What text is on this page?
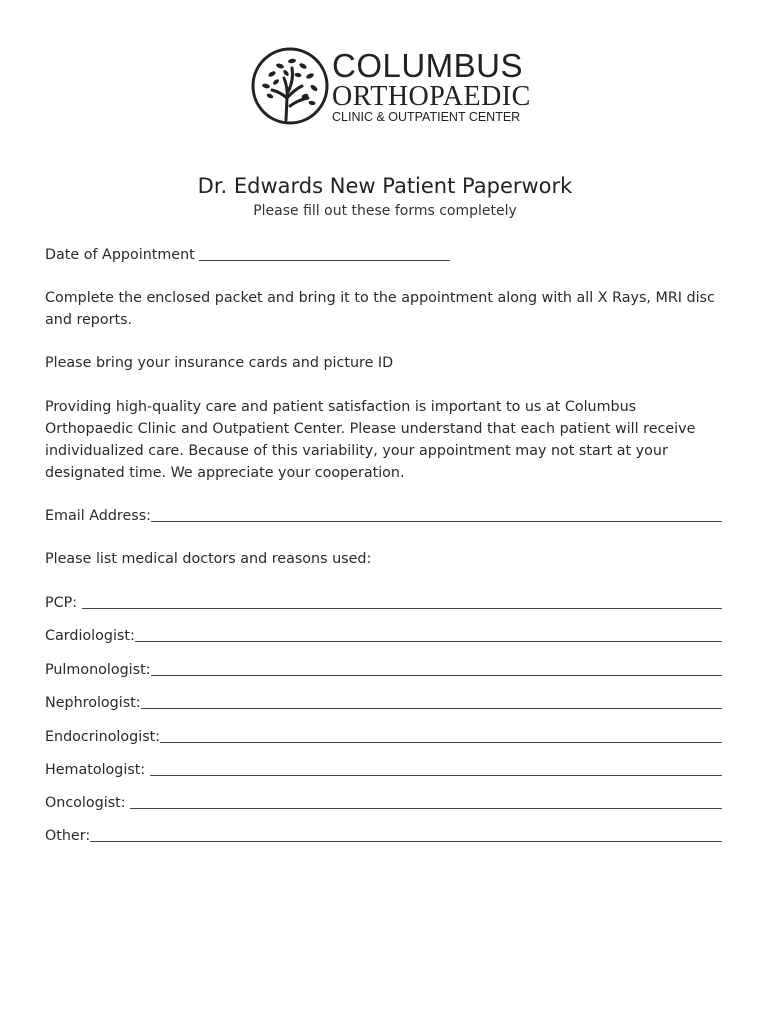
COLUMBUS
ORTHOPAEDIC
CLINIC & OUTPATIENT CENTER
Dr. Edwards New Patient Paperwork
Please fill out these forms completely
Date of Appointment
Complete the enclosed packet and bring it to the appointment along with all X Rays, MRI disc and reports.
Please bring your insurance cards and picture ID
Providing high-quality care and patient satisfaction is important to us at Columbus Orthopaedic Clinic and Outpatient Center. Please understand that each patient will receive individualized care. Because of this variability, your appointment may not start at your designated time. We appreciate your cooperation.
Email Address:
Please list medical doctors and reasons used:
PCP:
Cardiologist:
Pulmonologist:
Nephrologist:
Endocrinologist:
Hematologist:
Oncologist:
Other:
